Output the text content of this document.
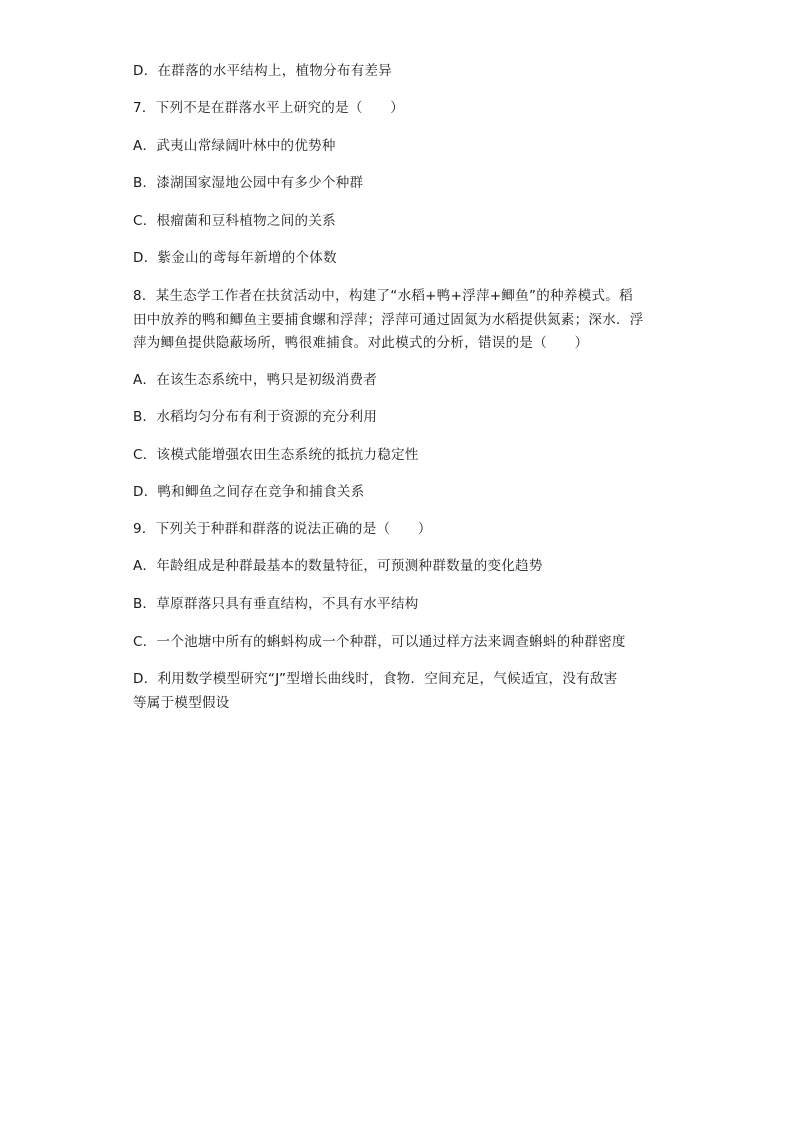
D．在群落的水平结构上，植物分布有差异
7．下列不是在群落水平上研究的是（　　）
A．武夷山常绿阔叶林中的优势种
B．漆湖国家湿地公园中有多少个种群
C．根瘤菌和豆科植物之间的关系
D．紫金山的鸢每年新增的个体数
8．某生态学工作者在扶贫活动中，构建了“水稻+鸭+浮萍+鲫鱼”的种养模式。稻
田中放养的鸭和鲫鱼主要捕食螺和浮萍；浮萍可通过固氮为水稻提供氮素；深水．浮
萍为鲫鱼提供隐蔽场所，鸭很难捕食。对此模式的分析，错误的是（　　）
A．在该生态系统中，鸭只是初级消费者
B．水稻均匀分布有利于资源的充分利用
C．该模式能增强农田生态系统的抵抗力稳定性
D．鸭和鲫鱼之间存在竞争和捕食关系
9．下列关于种群和群落的说法正确的是（　　）
A．年龄组成是种群最基本的数量特征，可预测种群数量的变化趋势
B．草原群落只具有垂直结构，不具有水平结构
C．一个池塘中所有的蝌蚪构成一个种群，可以通过样方法来调查蝌蚪的种群密度
D．利用数学模型研究“J”型增长曲线时，食物．空间充足，气候适宜，没有敌害
等属于模型假设
